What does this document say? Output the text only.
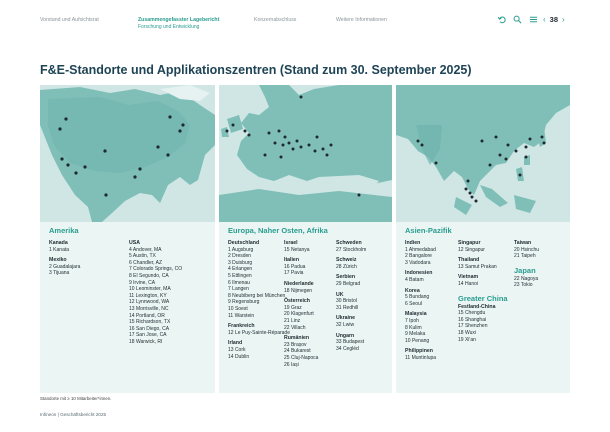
Vorstand und Aufsichtsrat	Zusammengefasster Lagebericht
Forschung und Entwicklung
Konzernabschluss	Weitere Informationen	‹ 38 ›
F&E-Standorte und Applikationszentren (Stand zum 30. September 2025)
Amerika
Kanada
1 Kanata
Mexiko
2 Guadalajara
3 Tijuana
USA
4 Andover, MA
5 Austin, TX
6 Chandler, AZ
7 Colorado Springs, CO
8 El Segundo, CA
9 Irvine, CA
10 Leominster, MA
11 Lexington, KY
12 Lynnwood, WA
13 Morrisville, NC
14 Portland, OR
15 Richardson, TX
16 San Diego, CA
17 San Jose, CA
18 Warwick, RI
Europa, Naher Osten, Afrika
Deutschland
1 Augsburg
2 Dresden
3 Duisburg
4 Erlangen
5 Ettlingen
6 Ilmenau
7 Langen
8 Neubiberg bei München
9 Regensburg
10 Soest
11 Warstein
Frankreich
12 Le Puy-Sainte-Réparade
Irland
13 Cork
14 Dublin
Israel
15 Netanya
Italien
16 Padua
17 Pavia
Niederlande
18 Nijmegen
Österreich
19 Graz
20 Klagenfurt
21 Linz
22 Villach
Rumänien
23 Brașov
24 Bukarest
25 Cluj-Napoca
26 Iași
Schweden
27 Stockholm
Schweiz
28 Zürich
Serbien
29 Belgrad
UK
30 Bristol
31 Redhill
Ukraine
32 Lwiw
Ungarn
33 Budapest
34 Cegléd
Asien-Pazifik
Indien
1 Ahmedabad
2 Bangalore
3 Vadodara
Indonesien
4 Batam
Korea
5 Bundang
6 Seoul
Malaysia
7 Ipoh
8 Kulim
9 Melaka
10 Penang
Philippinen
11 Muntinlupa
Singapur
12 Singapur
Thailand
13 Samut Prakan
Vietnam
14 Hanoi
Greater China
Festland-China
15 Chengdu
16 Shanghai
17 Shenzhen
18 Wuxi
19 Xi'an
Taiwan
20 Hsinchu
21 Taipeh
Japan
22 Nagoya
23 Tokio
Standorte mit ≥ 10 Mitarbeiter*innen.
Infineon | Geschäftsbericht 2025
